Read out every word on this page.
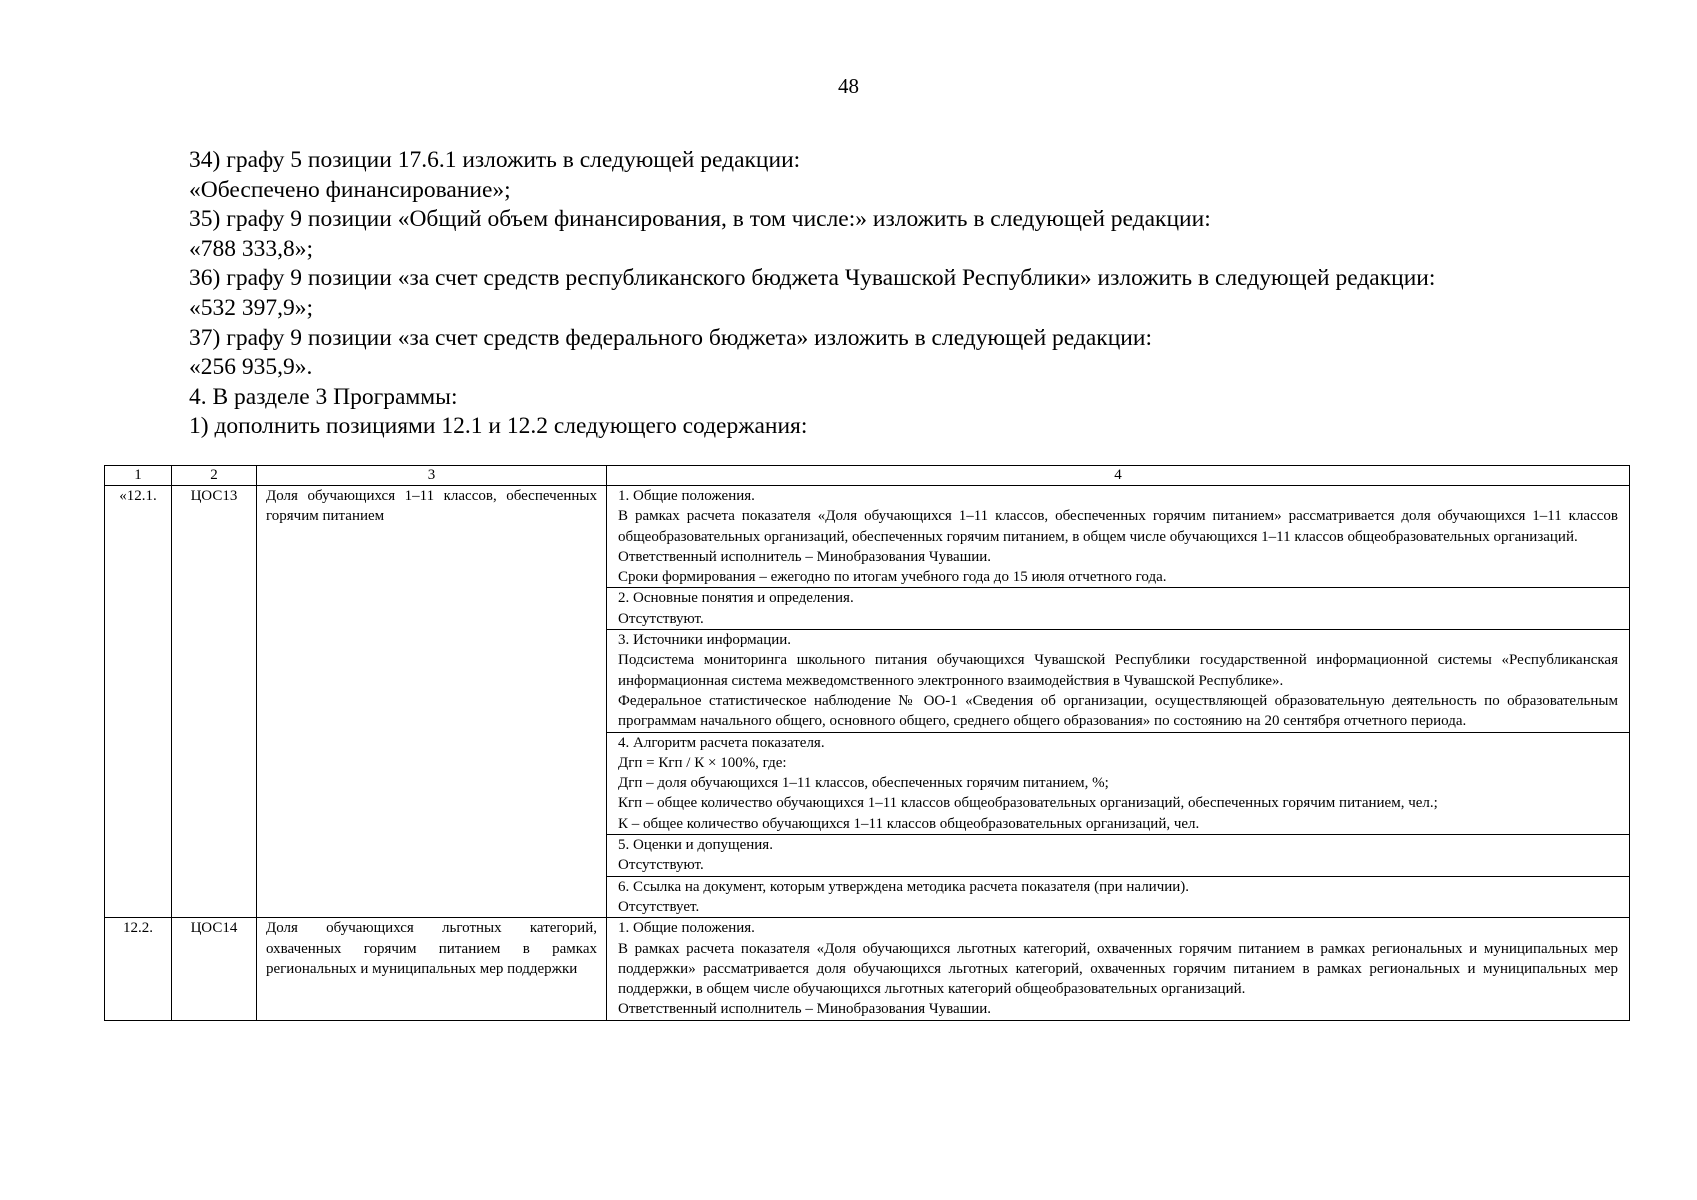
48

34) графу 5 позиции 17.6.1 изложить в следующей редакции:

«Обеспечено финансирование»;

35) графу 9 позиции «Общий объем финансирования, в том числе:» изложить в следующей редакции:

«788 333,8»;

36) графу 9 позиции «за счет средств республиканского бюджета Чувашской Республики» изложить в следующей редакции:

«532 397,9»;

37) графу 9 позиции «за счет средств федерального бюджета» изложить в следующей редакции:

«256 935,9».

4. В разделе 3 Программы:

1) дополнить позициями 12.1 и 12.2 следующего содержания:

1	2	3	4
«12.1.	ЦОС13	Доля обучающихся 1–11 классов, обеспеченных горячим питанием	1. Общие положения.
В рамках расчета показателя «Доля обучающихся 1–11 классов, обеспеченных горячим питанием» рассматривается доля обучающихся 1–11 классов общеобразовательных организаций, обеспеченных горячим питанием, в общем числе обучающихся 1–11 классов общеобразовательных организаций.
Ответственный исполнитель – Минобразования Чувашии.
Сроки формирования – ежегодно по итогам учебного года до 15 июля отчетного года.

			2. Основные понятия и определения.
Отсутствуют.

			3. Источники информации.
Подсистема мониторинга школьного питания обучающихся Чувашской Республики государственной информационной системы «Республиканская информационная система межведомственного электронного взаимодействия в Чувашской Республике».
Федеральное статистическое наблюдение № ОО-1 «Сведения об организации, осуществляющей образовательную деятельность по образовательным программам начального общего, основного общего, среднего общего образования» по состоянию на 20 сентября отчетного периода.

			4. Алгоритм расчета показателя.
Дгп = Кгп / К × 100%, где:
Дгп – доля обучающихся 1–11 классов, обеспеченных горячим питанием, %;
Кгп – общее количество обучающихся 1–11 классов общеобразовательных организаций, обеспеченных горячим питанием, чел.;
К – общее количество обучающихся 1–11 классов общеобразовательных организаций, чел.

			5. Оценки и допущения.
Отсутствуют.

			6. Ссылка на документ, которым утверждена методика расчета показателя (при наличии).
Отсутствует.

12.2.	ЦОС14	Доля обучающихся льготных категорий, охваченных горячим питанием в рамках региональных и муниципальных мер поддержки	1. Общие положения.
В рамках расчета показателя «Доля обучающихся льготных категорий, охваченных горячим питанием в рамках региональных и муниципальных мер поддержки» рассматривается доля обучающихся льготных категорий, охваченных горячим питанием в рамках региональных и муниципальных мер поддержки, в общем числе обучающихся льготных категорий общеобразовательных организаций.
Ответственный исполнитель – Минобразования Чувашии.
